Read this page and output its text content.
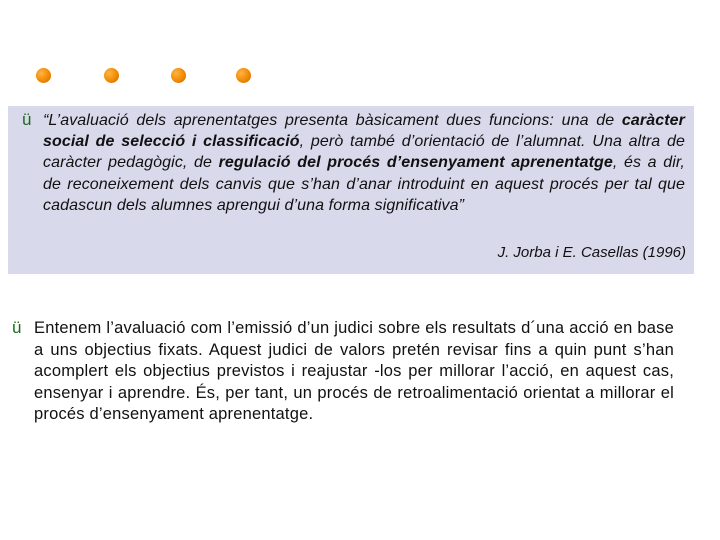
ü “L’avaluació dels aprenentatges presenta bàsicament dues funcions: una de caràcter social de selecció i classificació, però també d’orientació de l’alumnat. Una altra de caràcter pedagògic, de regulació del procés d’ensenyament aprenentatge, és a dir, de reconeixement dels canvis que s’han d’anar introduint en aquest procés per tal que cadascun dels alumnes aprengui d’una forma significativa”
J. Jorba i E. Casellas (1996)
ü Entenem l’avaluació com l’emissió d’un judici sobre els resultats d´una acció en base a uns objectius fixats. Aquest judici de valors pretén revisar fins a quin punt s’han acomplert els objectius previstos i reajustar -los per millorar l’acció, en aquest cas, ensenyar i aprendre. És, per tant, un procés de retroalimentació orientat a millorar el procés d’ensenyament aprenentatge.
